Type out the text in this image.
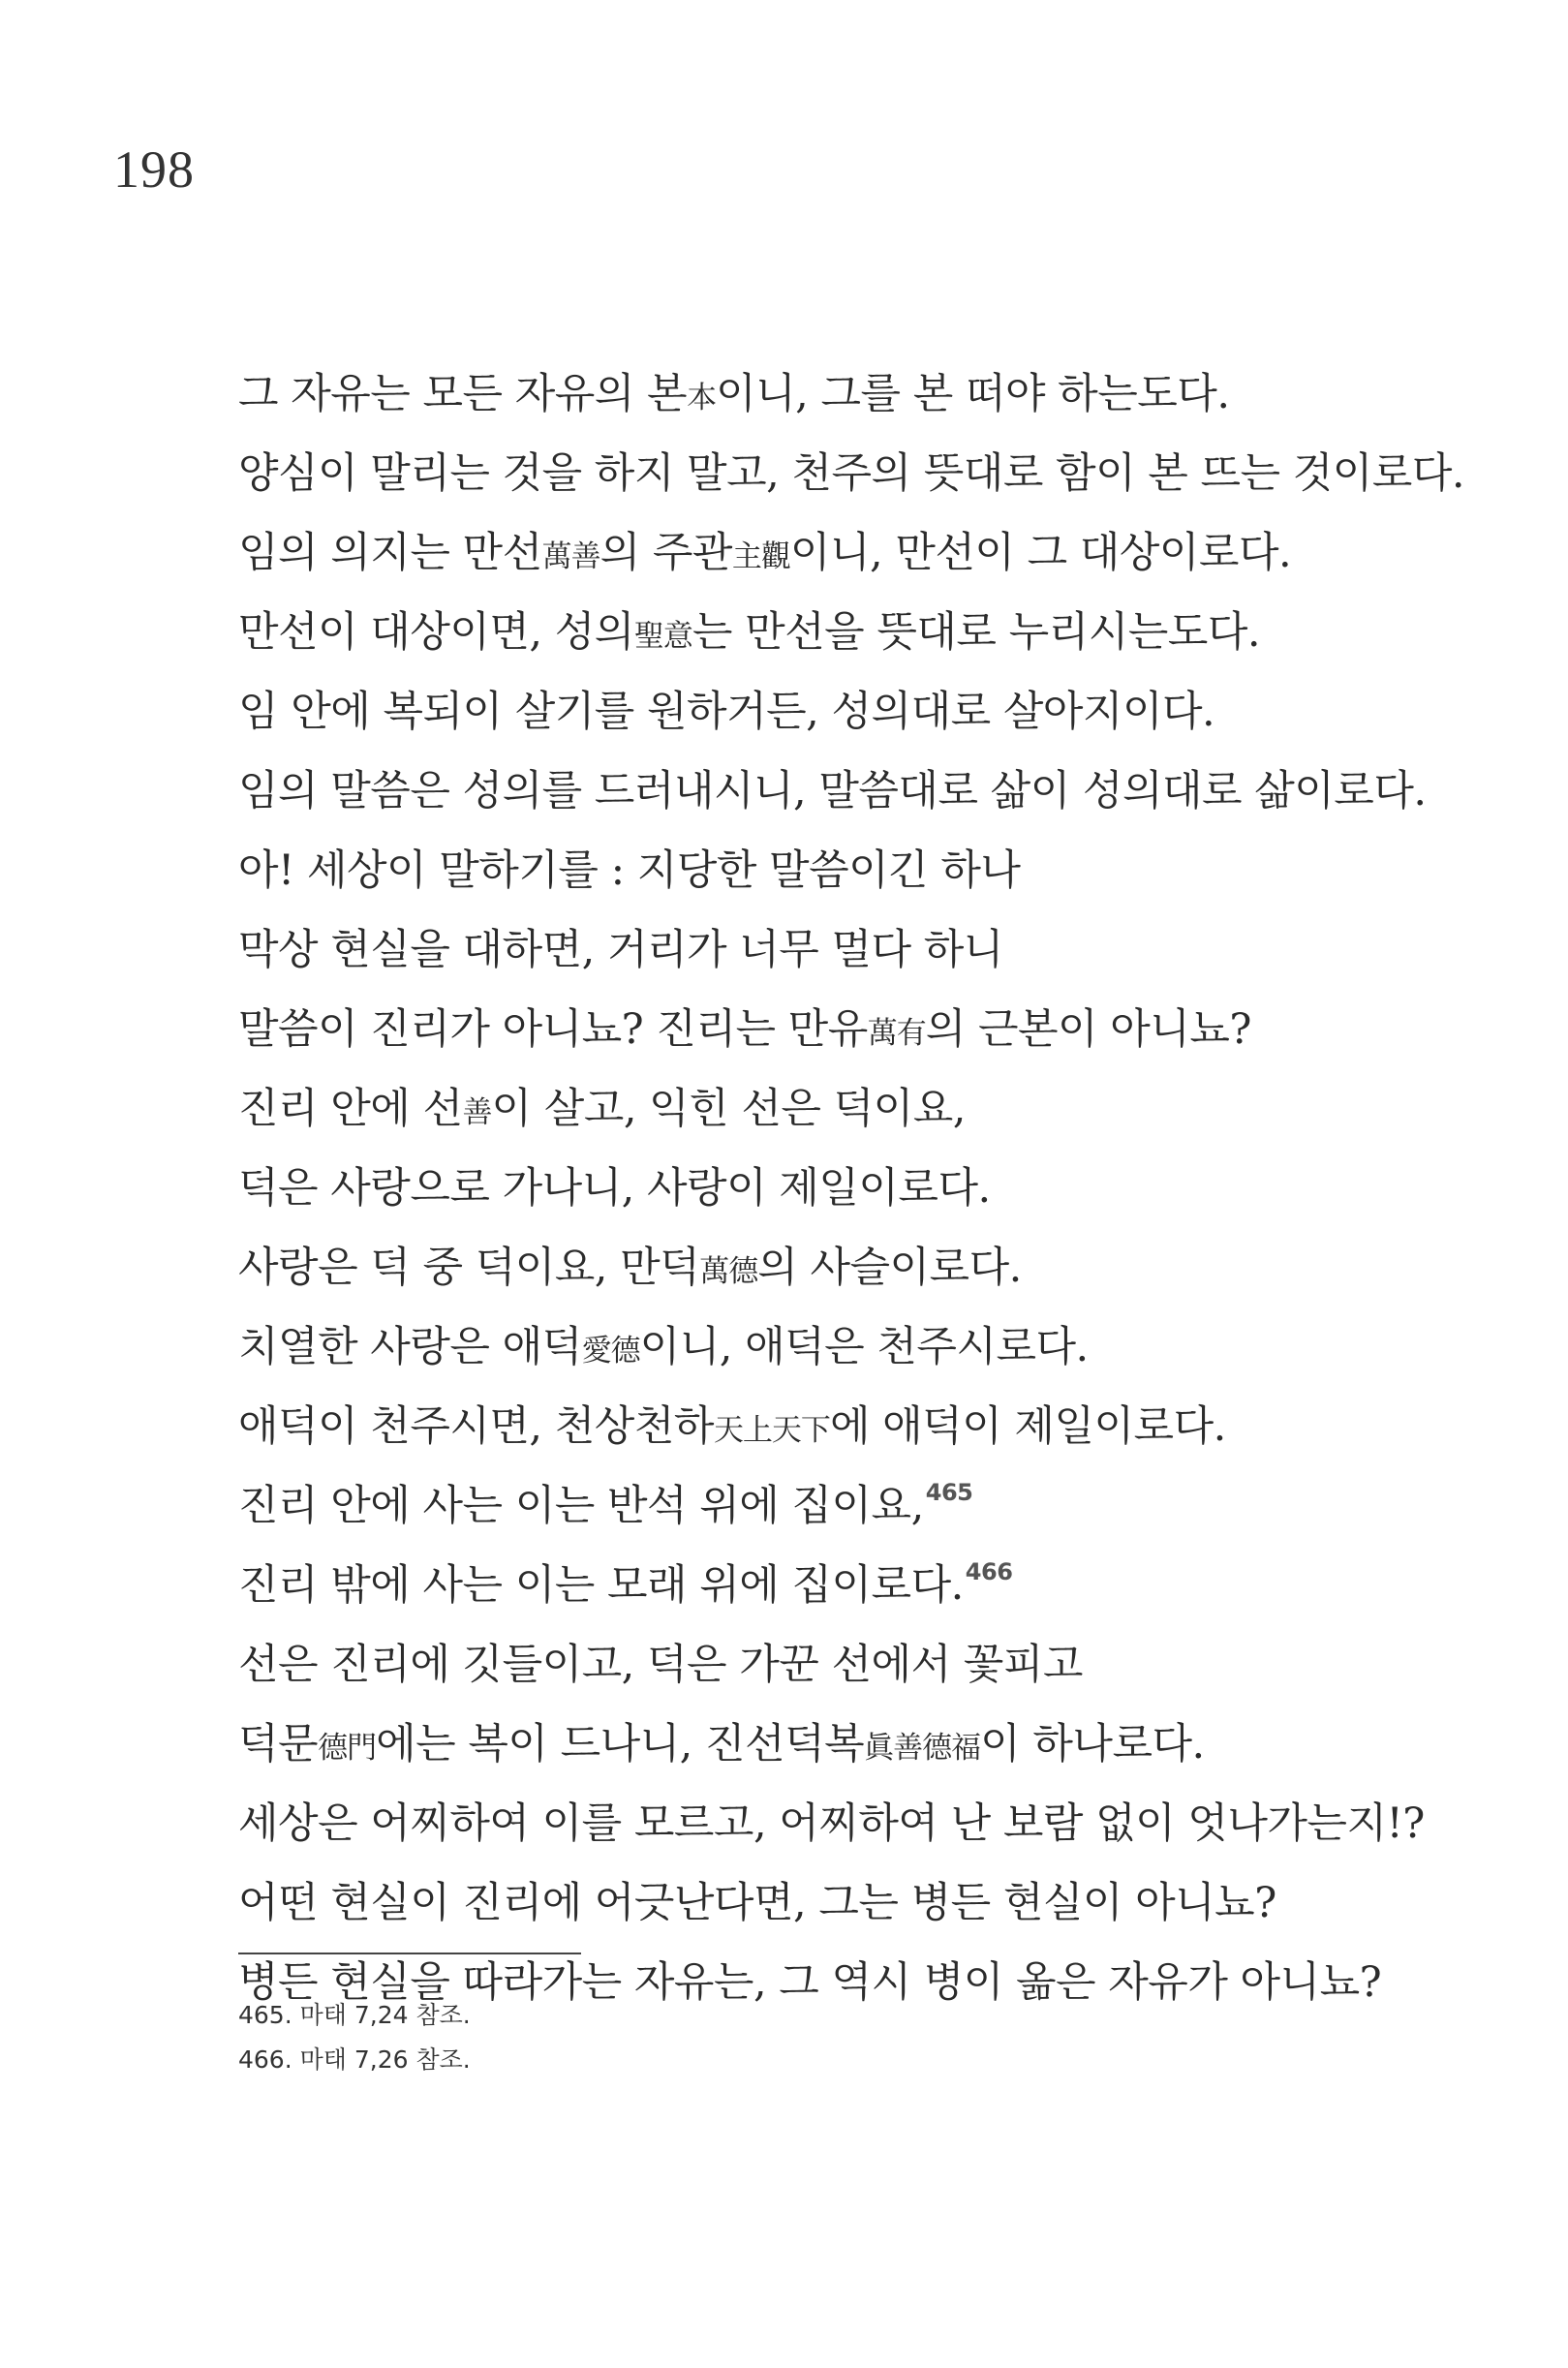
198
그 자유는 모든 자유의 본本이니, 그를 본 떠야 하는도다.
양심이 말리는 것을 하지 말고, 천주의 뜻대로 함이 본 뜨는 것이로다.
임의 의지는 만선萬善의 주관主觀이니, 만선이 그 대상이로다.
만선이 대상이면, 성의聖意는 만선을 뜻대로 누리시는도다.
임 안에 복되이 살기를 원하거든, 성의대로 살아지이다.
임의 말씀은 성의를 드러내시니, 말씀대로 삶이 성의대로 삶이로다.
아! 세상이 말하기를 : 지당한 말씀이긴 하나
막상 현실을 대하면, 거리가 너무 멀다 하니
말씀이 진리가 아니뇨? 진리는 만유萬有의 근본이 아니뇨?
진리 안에 선善이 살고, 익힌 선은 덕이요,
덕은 사랑으로 가나니, 사랑이 제일이로다.
사랑은 덕 중 덕이요, 만덕萬德의 사슬이로다.
치열한 사랑은 애덕愛德이니, 애덕은 천주시로다.
애덕이 천주시면, 천상천하天上天下에 애덕이 제일이로다.
진리 안에 사는 이는 반석 위에 집이요,$^{465}$
진리 밖에 사는 이는 모래 위에 집이로다.$^{466}$
선은 진리에 깃들이고, 덕은 가꾼 선에서 꽃피고
덕문德門에는 복이 드나니, 진선덕복眞善德福이 하나로다.
세상은 어찌하여 이를 모르고, 어찌하여 난 보람 없이 엇나가는지!?
어떤 현실이 진리에 어긋난다면, 그는 병든 현실이 아니뇨?
병든 현실을 따라가는 자유는, 그 역시 병이 옮은 자유가 아니뇨?
465. 마태 7,24 참조.
466. 마태 7,26 참조.
